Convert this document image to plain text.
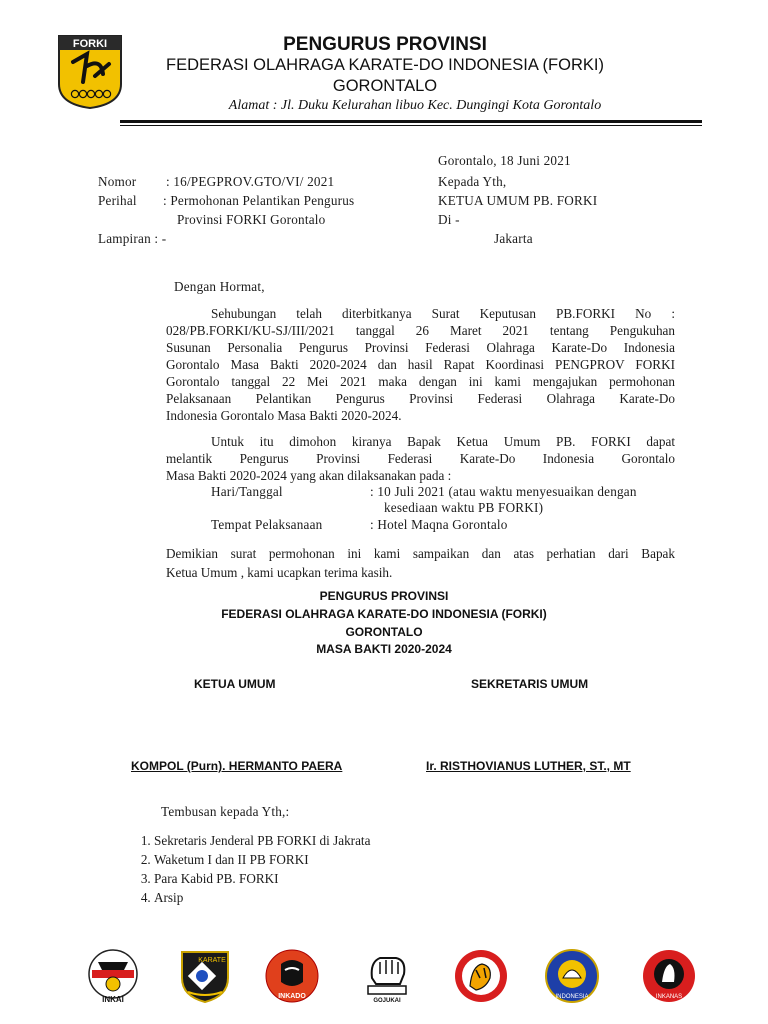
FORKI	PENGURUS PROVINSI
FEDERASI OLAHRAGA KARATE-DO INDONESIA (FORKI)
GORONTALO
Alamat : Jl. Duku Kelurahan libuo Kec. Dungingi Kota Gorontalo
Gorontalo, 18 Juni 2021
Nomor : 16/PEGPROV.GTO/VI/ 2021	Kepada Yth,
Perihal : Permohonan Pelantikan Pengurus	KETUA UMUM PB. FORKI
Provinsi FORKI Gorontalo	Di -
Lampiran : -	Jakarta
Dengan Hormat,
Sehubungan telah diterbitkanya Surat Keputusan PB.FORKI No :
028/PB.FORKI/KU-SJ/III/2021 tanggal 26 Maret 2021 tentang Pengukuhan
Susunan Personalia Pengurus Provinsi Federasi Olahraga Karate-Do Indonesia
Gorontalo Masa Bakti 2020-2024 dan hasil Rapat Koordinasi PENGPROV FORKI
Gorontalo tanggal 22 Mei 2021 maka dengan ini kami mengajukan permohonan
Pelaksanaan Pelantikan Pengurus Provinsi Federasi Olahraga Karate-Do
Indonesia Gorontalo Masa Bakti 2020-2024.
Untuk itu dimohon kiranya Bapak Ketua Umum PB. FORKI dapat
melantik Pengurus Provinsi Federasi Karate-Do Indonesia Gorontalo
Masa Bakti 2020-2024 yang akan dilaksanakan pada :
Hari/Tanggal	: 10 Juli 2021 (atau waktu menyesuaikan dengan
kesediaan waktu PB FORKI)
Tempat Pelaksanaan	: Hotel Maqna Gorontalo
Demikian surat permohonan ini kami sampaikan dan atas perhatian dari Bapak
Ketua Umum , kami ucapkan terima kasih.
PENGURUS PROVINSI
FEDERASI OLAHRAGA KARATE-DO INDONESIA (FORKI)
GORONTALO
MASA BAKTI 2020-2024
KETUA UMUM	SEKRETARIS UMUM
KOMPOL (Purn). HERMANTO PAERA	Ir. RISTHOVIANUS LUTHER, ST., MT
Tembusan kepada Yth,:
1. Sekretaris Jenderal PB FORKI di Jakrata
2. Waketum I dan II PB FORKI
3. Para Kabid PB. FORKI
4. Arsip
INKAI
KARATE
INKADO
GOJUKAI
INDONESIA	INKANAS
